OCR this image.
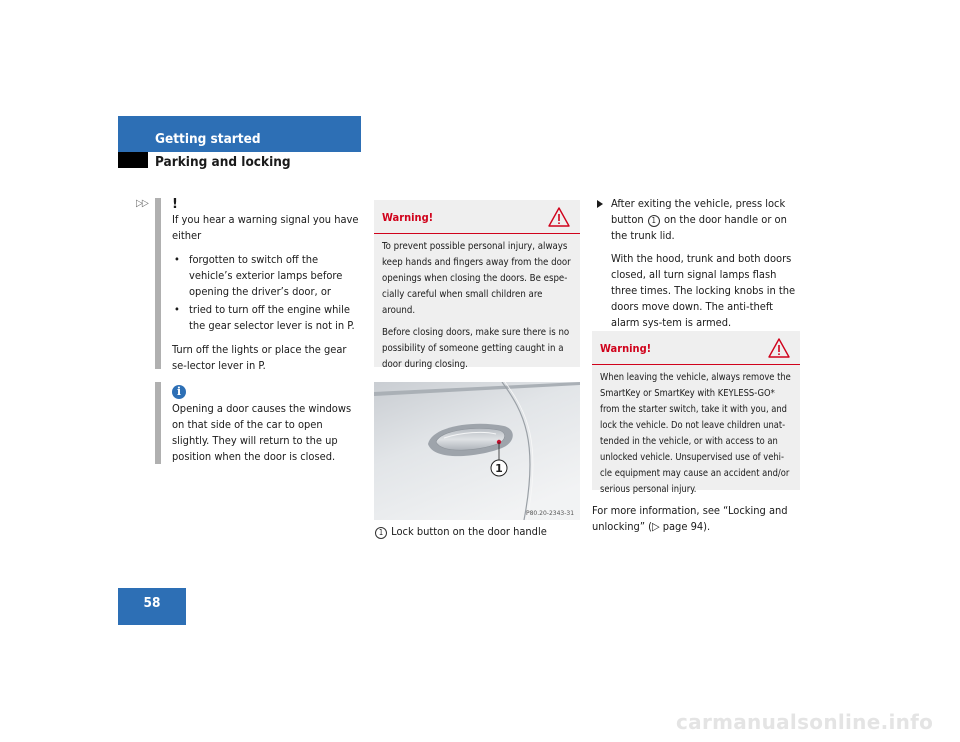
Getting started
Parking and locking
▷▷ !

If you hear a warning signal you have either

• forgotten to switch off the vehicle’s exterior lamps before opening the driver’s door, or
• tried to turn off the engine while the gear selector lever is not in P.

Turn off the lights or place the gear se-lector lever in P.

i

Opening a door causes the windows on that side of the car to open slightly. They will return to the up position when the door is closed.

Warning!

To prevent possible personal injury, always keep hands and fingers away from the door openings when closing the doors. Be espe-cially careful when small children are around.

Before closing doors, make sure there is no possibility of someone getting caught in a door during closing.

1
P80.20-2343-31
1 Lock button on the door handle

After exiting the vehicle, press lock button 1 on the door handle or on the trunk lid.

With the hood, trunk and both doors closed, all turn signal lamps flash three times. The locking knobs in the doors move down. The anti-theft alarm sys-tem is armed.

Warning!

When leaving the vehicle, always remove the SmartKey or SmartKey with KEYLESS-GO* from the starter switch, take it with you, and lock the vehicle. Do not leave children unat-tended in the vehicle, or with access to an unlocked vehicle. Unsupervised use of vehi-cle equipment may cause an accident and/or serious personal injury.

For more information, see “Locking and unlocking” (▷ page 94).

58
carmanualsonline.info
